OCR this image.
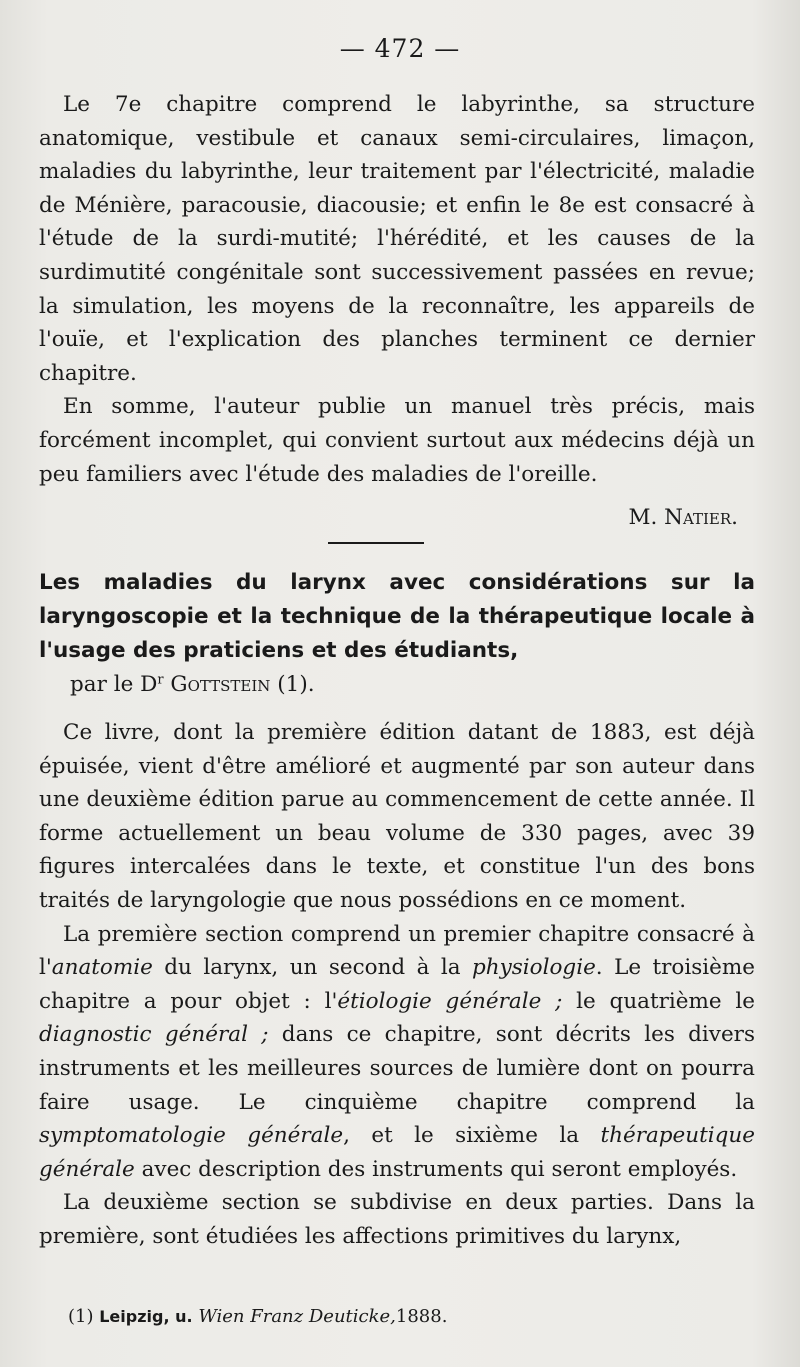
— 472 —

Le 7e chapitre comprend le labyrinthe, sa structure anatomique, vestibule et canaux semi-circulaires, limaçon, maladies du labyrinthe, leur traitement par l'électricité, maladie de Ménière, paracousie, diacousie; et enfin le 8e est consacré à l'étude de la surdi-mutité; l'hérédité, et les causes de la surdimutité congénitale sont successivement passées en revue; la simulation, les moyens de la reconnaître, les appareils de l'ouïe, et l'explication des planches terminent ce dernier chapitre.

En somme, l'auteur publie un manuel très précis, mais forcément incomplet, qui convient surtout aux médecins déjà un peu familiers avec l'étude des maladies de l'oreille.

M. Natier.
Les maladies du larynx avec considérations sur la laryngoscopie et la technique de la thérapeutique locale à l'usage des praticiens et des étudiants,
par le $D^r$ Gottstein (1).

Ce livre, dont la première édition datant de 1883, est déjà épuisée, vient d'être amélioré et augmenté par son auteur dans une deuxième édition parue au commencement de cette année. Il forme actuellement un beau volume de 330 pages, avec 39 figures intercalées dans le texte, et constitue l'un des bons traités de laryngologie que nous possédions en ce moment.

La première section comprend un premier chapitre consacré à l'anatomie du larynx, un second à la physiologie. Le troisième chapitre a pour objet : l'étiologie générale ; le quatrième le diagnostic général ; dans ce chapitre, sont décrits les divers instruments et les meilleures sources de lumière dont on pourra faire usage. Le cinquième chapitre comprend la symptomatologie générale, et le sixième la thérapeutique générale avec description des instruments qui seront employés.

La deuxième section se subdivise en deux parties. Dans la première, sont étudiées les affections primitives du larynx,

(1) Leipzig, u. Wien Franz Deuticke,1888.
